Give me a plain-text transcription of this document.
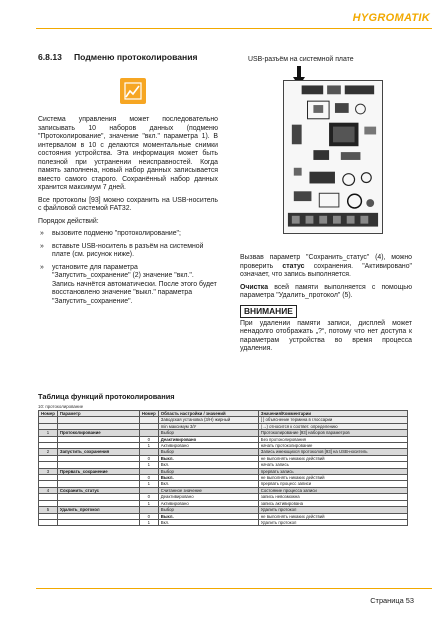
HYGROMATIK
6.8.13 Подменю протоколирования	USB-разъём на системной плате

Система управления может последовательно записывать 10 наборов данных (подменю "Протоколирование", значение "вкл." параметра 1). В интервалом в 10 с делаются моментальные снимки состояния устройства. Эта информация может быть полезной при устранении неисправностей. Когда память заполнена, новый набор данных записывается вместо самого старого. Сохранённый набор данных хранится максимум 7 дней.

Все протоколы [93] можно сохранить на USB-носитель с файловой системой FAT32.

Порядок действий:

»	вызовите подменю "протоколирование";
»	вставьте USB-носитель в разъём на системной плате (см. рисунок ниже).
»	установите для параметра "Запустить_сохранение" (2) значение "вкл.". Запись начнётся автоматически. После этого будет восстановлено значение "выкл." параметра "Запустить_сохранение".

Вызвав параметр "Сохранить_статус" (4), можно проверить статус сохранения. "Активировано" означает, что запись выполняется.

Очистка всей памяти выполняется с помощью параметра "Удалить_протокол" (5).

ВНИМАНИЕ

При удалении памяти записи, дисплей может ненадолго отображать „?“, потому что нет доступа к параметрам устройства во время процесса удаления.

Таблица функций протоколирования
10: протоколирование
Номер	Параметр	Номер	Область настройки / значений	Значения/Комментарии
			Заводская установка (3/Н) жирный	[ ] объяснение термина в глоссарии
			min максимум 3/У	(→) относится к соответ. определению
1	Протоколирование		Выбор	Протоколирование [93] наборов параметров
		0	Деактивировано	Без протоколирования
		1	Активировано	начать протоколирование
2	Запустить_сохранения		Выбор	Запись имеющихся протоколов [93] на USB-носитель
		0	Выкл.	не выполнять никаких действий
		1	Вкл.	начать запись
3	Прервать_сохранение		Выбор	прервать запись
		0	Выкл.	не выполнять никаких действий
		1	Вкл.	прервать процесс записи
4	Сохранить_статус		Считанное значение	Состояние процесса записи
		0	Деактивировано	запись невозможна
		1	Активировано	запись активирована
5	Удалить_протокол		Выбор	Удалить протокол
		0	Выкл.	не выполнять никаких действий
		1	Вкл.	Удалить протокол
Страница 53
